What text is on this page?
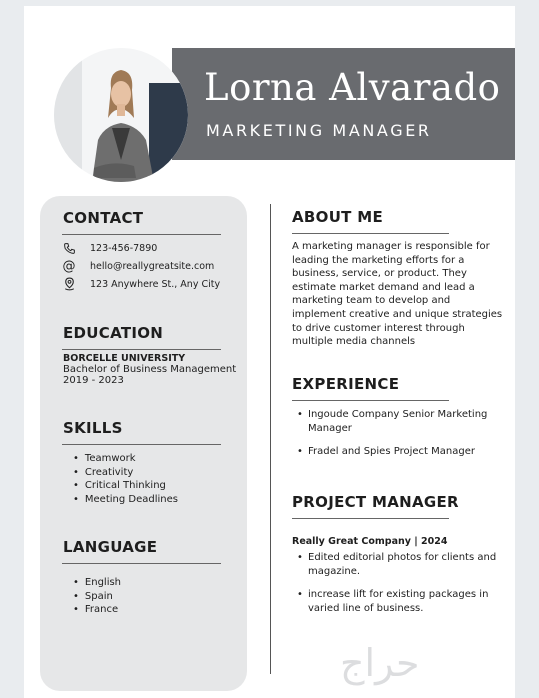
Lorna Alvarado
MARKETING MANAGER
CONTACT
123-456-7890
@ hello@reallygreatsite.com
123 Anywhere St., Any City
EDUCATION
BORCELLE UNIVERSITY
Bachelor of Business Management
2019 - 2023
SKILLS
• Teamwork
• Creativity
• Critical Thinking
• Meeting Deadlines
LANGUAGE
• English
• Spain
• France
ABOUT ME
A marketing manager is responsible for
leading the marketing efforts for a
business, service, or product. They
estimate market demand and lead a
marketing team to develop and
implement creative and unique strategies
to drive customer interest through
multiple media channels
EXPERIENCE
• Ingoude Company Senior Marketing Manager
• Fradel and Spies Project Manager
PROJECT MANAGER
Really Great Company | 2024
• Edited editorial photos for clients and magazine.
• increase lift for existing packages in varied line of business.
حراج
